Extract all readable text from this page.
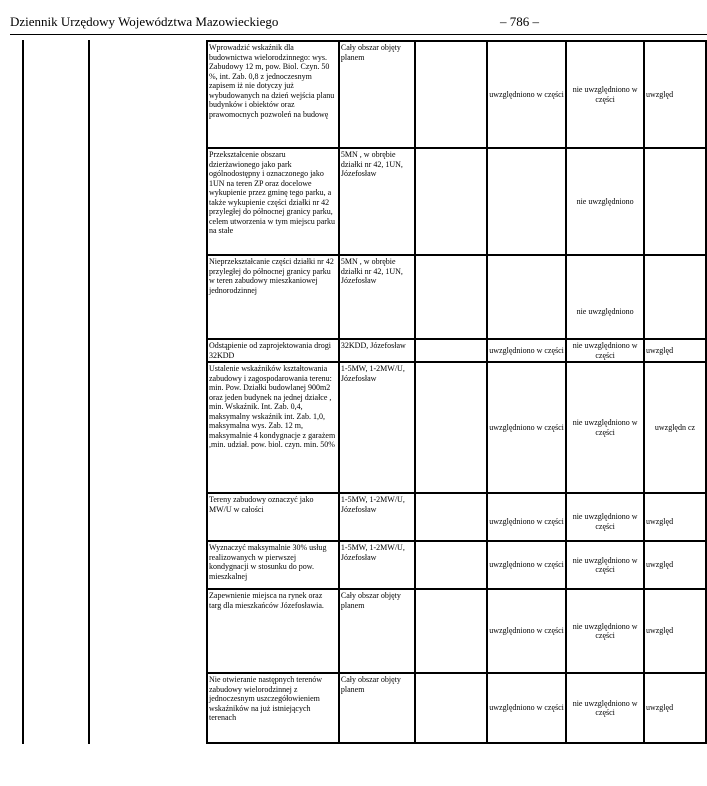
Dziennik Urzędowy Województwa Mazowieckiego	– 786 –
Wprowadzić wskaźnik dla budownictwa wielorodzinnego: wys. Zabudowy 12 m, pow. Biol. Czyn. 50 %, int. Zab. 0,8 z jednoczesnym zapisem iż nie dotyczy już wybudowanych na dzień wejścia planu budynków i obiektów oraz prawomocnych pozwoleń na budowę	Cały obszar objęty planem		uwzględniono w części	nie uwzględniono w części	uwzględ
Przekształcenie obszaru dzierżawionego jako park ogólnodostępny i oznaczonego jako 1UN na teren ZP oraz docelowe wykupienie przez gminę tego parku, a także wykupienie części działki nr 42 przyległej do północnej granicy parku, celem utworzenia w tym miejscu parku na stałe	5MN , w obrębie działki nr 42, 1UN, Józefosław			nie uwzględniono	

Nieprzekształcanie części działki nr 42 przyległej do północnej granicy parku w teren zabudowy mieszkaniowej jednorodzinnej	5MN , w obrębie działki nr 42, 1UN, Józefosław			nie uwzględniono	

Odstąpienie od zaprojektowania drogi 32KDD	32KDD, Józefosław		uwzględniono w części	nie uwzględniono w części	uwzględ
Ustalenie wskaźników kształtowania zabudowy i zagospodarowania terenu: min. Pow. Działki budowlanej 900m2 oraz jeden budynek na jednej działce , min. Wskaźnik. Int. Zab. 0,4, maksymalny wskaźnik int. Zab. 1,0, maksymalna wys. Zab. 12 m, maksymalnie 4 kondygnacje z garażem ,min. udział. pow. biol. czyn. min. 50%	1-5MW, 1-2MW/U, Józefosław		uwzględniono w części	nie uwzględniono w części	uwzględn cz

Tereny zabudowy oznaczyć jako MW/U w całości	1-5MW, 1-2MW/U, Józefosław		uwzględniono w części	nie uwzględniono w części	uwzględ
Wyznaczyć maksymalnie 30% usług realizowanych w pierwszej kondygnacji w stosunku do pow. mieszkalnej	1-5MW, 1-2MW/U, Józefosław		uwzględniono w części	nie uwzględniono w części	uwzględ
Zapewnienie miejsca na rynek oraz targ dla mieszkańców Józefosławia.	Cały obszar objęty planem		uwzględniono w części	nie uwzględniono w części	uwzględ
Nie otwieranie następnych terenów zabudowy wielorodzinnej z jednoczesnym uszczegółowieniem wskaźników na już istniejących terenach	Cały obszar objęty planem		uwzględniono w części	nie uwzględniono w części	uwzględ
